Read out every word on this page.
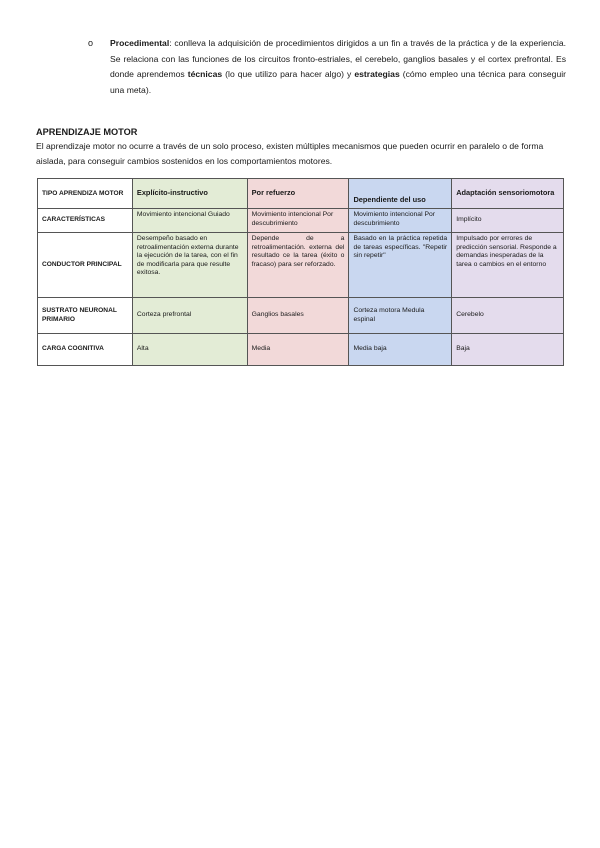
o Procedimental: conlleva la adquisición de procedimientos dirigidos a un fin a través de la práctica y de la experiencia. Se relaciona con las funciones de los circuitos fronto-estriales, el cerebelo, ganglios basales y el cortex prefrontal. Es donde aprendemos técnicas (lo que utilizo para hacer algo) y estrategias (cómo empleo una técnica para conseguir una meta).
APRENDIZAJE MOTOR
El aprendizaje motor no ocurre a través de un solo proceso, existen múltiples mecanismos que pueden ocurrir en paralelo o de forma aislada, para conseguir cambios sostenidos en los comportamientos motores.
TIPO APRENDIZA MOTOR	Explícito-instructivo	Por refuerzo	Dependiente del uso	Adaptación sensoriomotora
CARACTERÍSTICAS	Movimiento intencional Guiado	Movimiento intencional Por descubrimiento	Movimiento intencional Por descubrimiento	Implícito
CONDUCTOR PRINCIPAL	Desempeño basado en retroalimentación externa durante la ejecución de la tarea, con el fin de modificarla para que resulte exitosa.	Depende de a retroalimentación. externa del resultado ce la tarea (éxito o fracaso) para ser reforzado.	Basado en la práctica repetida de tareas específicas. "Repetir sin repetir"	Impulsado por errores de predicción sensorial. Responde a demandas inesperadas de la tarea o cambios en el entorno
SUSTRATO NEURONAL PRIMARIO	Corteza prefrontal	Ganglios basales	Corteza motora Medula espinal	Cerebelo
CARGA COGNITIVA	Alta	Media	Media baja	Baja
